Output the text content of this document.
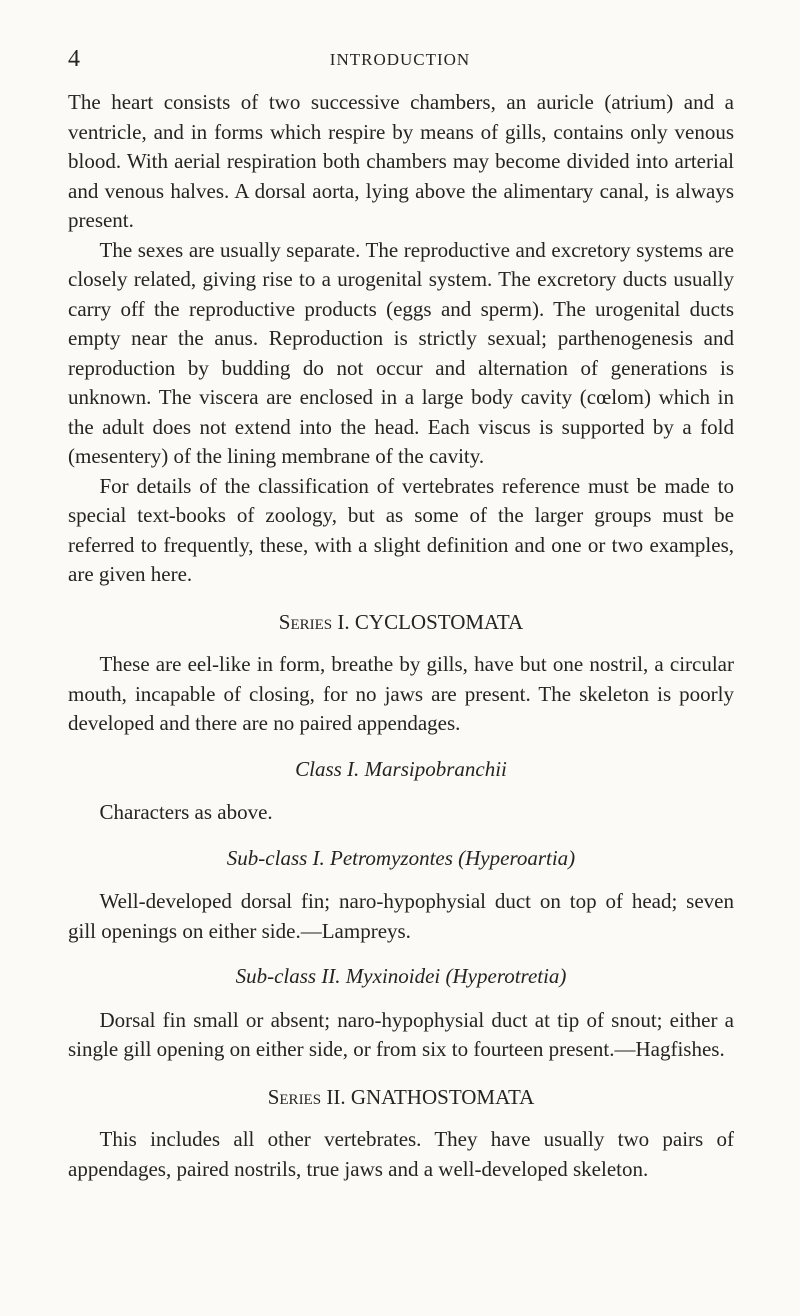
4	INTRODUCTION

The heart consists of two successive chambers, an auricle (atrium) and a ventricle, and in forms which respire by means of gills, contains only venous blood. With aerial respiration both chambers may become divided into arterial and venous halves. A dorsal aorta, lying above the alimentary canal, is always present.

The sexes are usually separate. The reproductive and excretory systems are closely related, giving rise to a urogenital system. The excretory ducts usually carry off the reproductive products (eggs and sperm). The urogenital ducts empty near the anus. Reproduction is strictly sexual; parthenogenesis and reproduction by budding do not occur and alternation of generations is unknown. The viscera are enclosed in a large body cavity (cœlom) which in the adult does not extend into the head. Each viscus is supported by a fold (mesentery) of the lining membrane of the cavity.

For details of the classification of vertebrates reference must be made to special text-books of zoology, but as some of the larger groups must be referred to frequently, these, with a slight definition and one or two examples, are given here.

Series I. CYCLOSTOMATA

These are eel-like in form, breathe by gills, have but one nostril, a circular mouth, incapable of closing, for no jaws are present. The skeleton is poorly developed and there are no paired appendages.

Class I. Marsipobranchii

Characters as above.

Sub-class I. Petromyzontes (Hyperoartia)

Well-developed dorsal fin; naro-hypophysial duct on top of head; seven gill openings on either side.—Lampreys.

Sub-class II. Myxinoidei (Hyperotretia)

Dorsal fin small or absent; naro-hypophysial duct at tip of snout; either a single gill opening on either side, or from six to fourteen present.—Hagfishes.

Series II. GNATHOSTOMATA

This includes all other vertebrates. They have usually two pairs of appendages, paired nostrils, true jaws and a well-developed skeleton.
